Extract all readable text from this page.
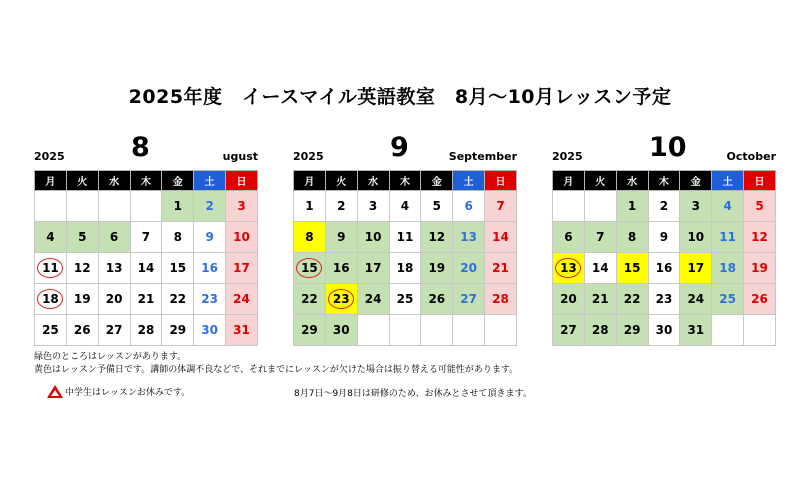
2025年度　イースマイル英語教室　8月～10月レッスン予定
2025 8	ugust
月	火	水	木	金	土	日
				1	2	3
4	5	6	7	8	9	10
11	12	13	14	15	16	17
18	19	20	21	22	23	24
25	26	27	28	29	30	31
2025 9	September
月	火	水	木	金	土	日
1	2	3	4	5	6	7
8	9	10	11	12	13	14
15	16	17	18	19	20	21
22	23	24	25	26	27	28
29	30					
2025 10	October
月	火	水	木	金	土	日
		1	2	3	4	5
6	7	8	9	10	11	12
13	14	15	16	17	18	19
20	21	22	23	24	25	26
27	28	29	30	31		
緑色のところはレッスンがあります。
黄色はレッスン予備日です。講師の体調不良などで、それまでにレッスンが欠けた場合は振り替える可能性があります。
中学生はレッスンお休みです。	8月7日～9月8日は研修のため、お休みとさせて頂きます。
